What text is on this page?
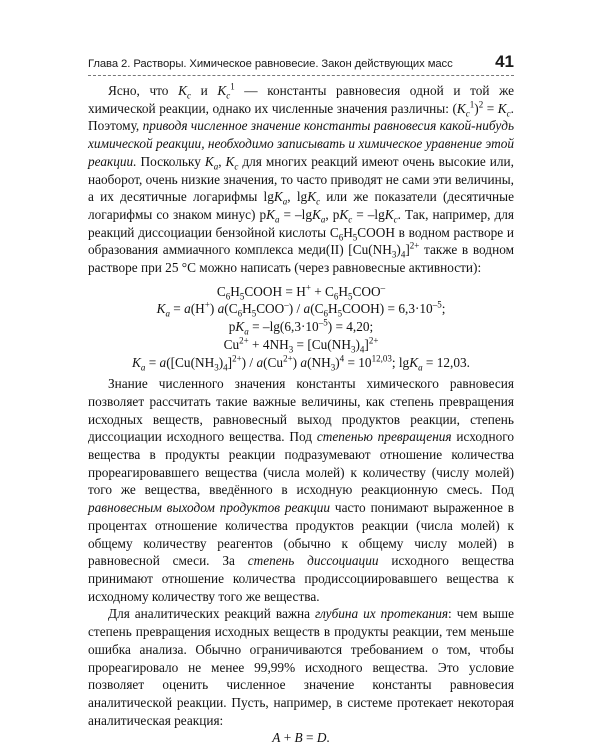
Глава 2. Растворы. Химическое равновесие. Закон действующих масс 41

Ясно, что $K_c$ и $K_c^1$ — константы равновесия одной и той же химической реакции, однако их численные значения различны: $(K_c^1)^2 = K_c$. Поэтому, приводя численное значение константы равновесия какой-нибудь химической реакции, необходимо записывать и химическое уравнение этой реакции. Поскольку $K_a$, $K_c$ для многих реакций имеют очень высокие или, наоборот, очень низкие значения, то часто приводят не сами эти величины, а их десятичные логарифмы lgK$_a$, lgK$_c$ или же показатели (десятичные логарифмы со знаком минус) $pK_a = -\lg K_a$, $pK_c = -\lg K_c$. Так, например, для реакций диссоциации бензойной кислоты $C_6H_5COOH$ в водном растворе и образования аммиачного комплекса меди(II) $[Cu(NH_3)_4]^{2+}$ также в водном растворе при 25 °С можно написать (через равновесные активности):

$C_6H_5COOH = H^+ + C_6H_5COO^-$
$K_a = a(H^+)$ $a(C_6H_5COO^-)$ / $a(C_6H_5COOH) = 6,3\cdot 10^{-5}$;
$pK_a = -\lg(6,3\cdot 10^{-5}) = 4,20$;
$Cu^{2+} + 4NH_3 = [Cu(NH_3)_4]^{2+}$
$K_a = a([Cu(NH_3)_4]^{2+}) / a(Cu^{2+}) a(NH_3)^4 = 10^{12,03}$; lgK$_a$ = 12,03.

Знание численного значения константы химического равновесия позволяет рассчитать такие важные величины, как степень превращения исходных веществ, равновесный выход продуктов реакции, степень диссоциации исходного вещества. Под степенью превращения исходного вещества в продукты реакции подразумевают отношение количества прореагировавшего вещества (числа молей) к количеству (числу молей) того же вещества, введённого в исходную реакционную смесь. Под равновесным выходом продуктов реакции часто понимают выраженное в процентах отношение количества продуктов реакции (числа молей) к общему количеству реагентов (обычно к общему числу молей) в равновесной смеси. За степень диссоциации исходного вещества принимают отношение количества продиссоциировавшего вещества к исходному количеству того же вещества.

Для аналитических реакций важна глубина их протекания: чем выше степень превращения исходных веществ в продукты реакции, тем меньше ошибка анализа. Обычно ограничиваются требованием о том, чтобы прореагировало не менее 99,99% исходного вещества. Это условие позволяет оценить численное значение константы равновесия аналитической реакции. Пусть, например, в системе протекает некоторая аналитическая реакция:

A + B = D.
